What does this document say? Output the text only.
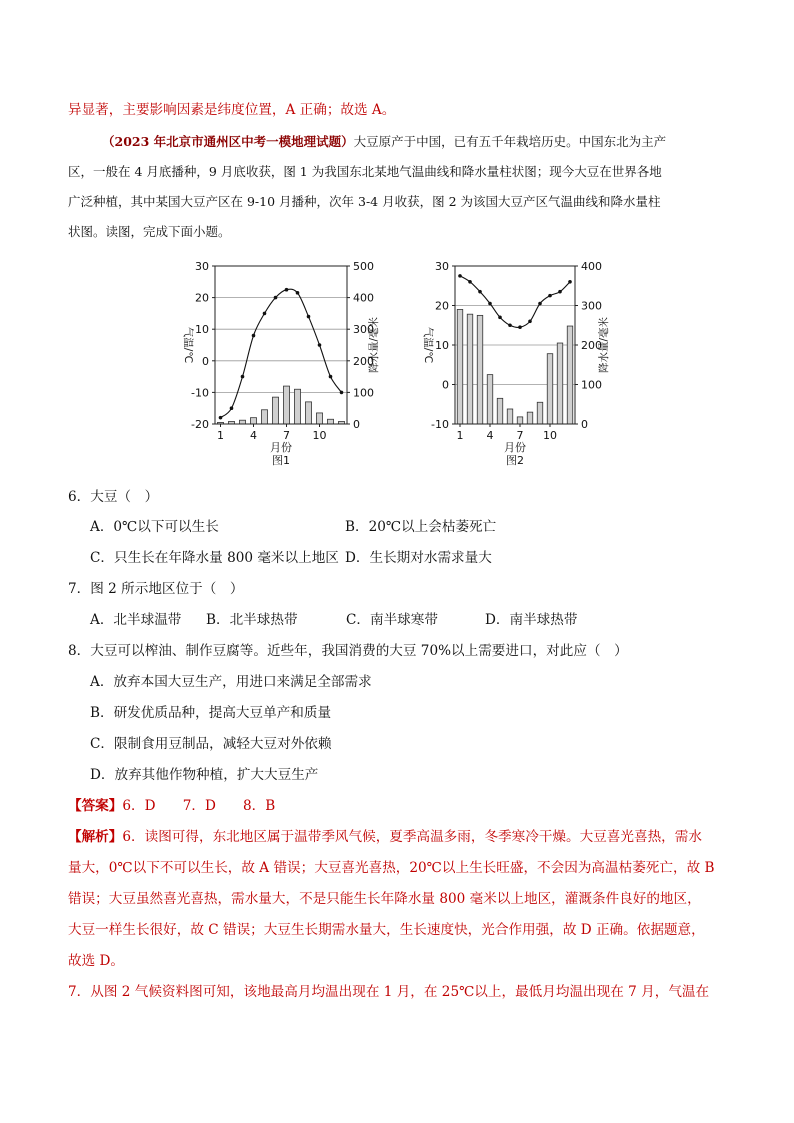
异显著，主要影响因素是纬度位置，A 正确；故选 A。
（2023 年北京市通州区中考一模地理试题）大豆原产于中国，已有五千年栽培历史。中国东北为主产
区，一般在 4 月底播种，9 月底收获，图 1 为我国东北某地气温曲线和降水量柱状图；现今大豆在世界各地
广泛种植，其中某国大豆产区在 9-10 月播种，次年 3-4 月收获，图 2 为该国大豆产区气温曲线和降水量柱
状图。读图，完成下面小题。
30
20
10
0
-10
-20
500
400
300
200
100
0
1 4 7 10
月份
图1
气温/℃	降水量/毫米
30
20
10
0
-10
400
300
200
100
0
1 4 7 10
月份
图2
气温/℃	降水量/毫米
6．大豆（　）
A．0℃以下可以生长	B．20℃以上会枯萎死亡
C．只生长在年降水量 800 毫米以上地区 D．生长期对水需求量大
7．图 2 所示地区位于（　）
A．北半球温带 B．北半球热带	C．南半球寒带	D．南半球热带
8．大豆可以榨油、制作豆腐等。近些年，我国消费的大豆 70%以上需要进口，对此应（　）
A．放弃本国大豆生产，用进口来满足全部需求
B．研发优质品种，提高大豆单产和质量
C．限制食用豆制品，减轻大豆对外依赖
D．放弃其他作物种植，扩大大豆生产
【答案】6．D　　7．D　　8．B
【解析】6．读图可得，东北地区属于温带季风气候，夏季高温多雨，冬季寒冷干燥。大豆喜光喜热，需水
量大，0℃以下不可以生长，故 A 错误；大豆喜光喜热，20℃以上生长旺盛，不会因为高温枯萎死亡，故 B
错误；大豆虽然喜光喜热，需水量大，不是只能生长年降水量 800 毫米以上地区，灌溉条件良好的地区，
大豆一样生长很好，故 C 错误；大豆生长期需水量大，生长速度快，光合作用强，故 D 正确。依据题意，
故选 D。
7．从图 2 气候资料图可知，该地最高月均温出现在 1 月，在 25℃以上，最低月均温出现在 7 月，气温在
